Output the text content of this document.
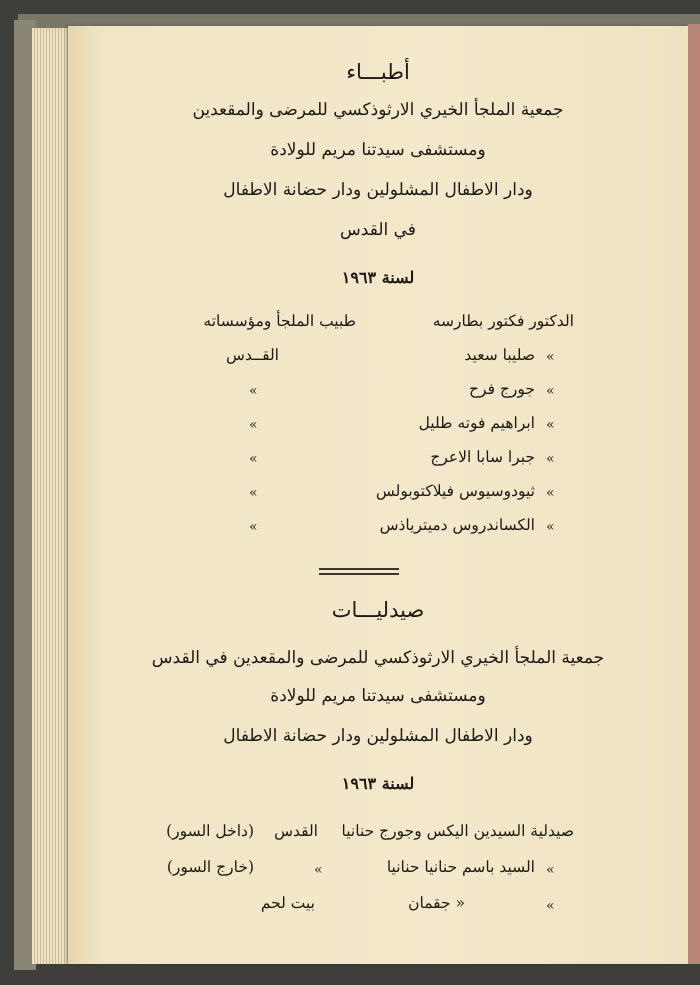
أطبـــاء
جمعية الملجأ الخيري الارثوذكسي للمرضى والمقعدين
ومستشفى سيدتنا مريم للولادة
ودار الاطفال المشلولين ودار حضانة الاطفال
في القدس
لسنة ١٩٦٣
الدكتور فكتور بطارسه
طبيب الملجأ ومؤسساته
«
صليبا سعيد
القــدس
«
جورج فرح
«
«
ابراهيم فوته طليل
«
«
جبرا سابا الاعرج
«
«
ثيودوسيوس فيلاكتوبولس
«
«
الكساندروس دميترياذس
«
صيدليـــات
جمعية الملجأ الخيري الارثوذكسي للمرضى والمقعدين في القدس
ومستشفى سيدتنا مريم للولادة
ودار الاطفال المشلولين ودار حضانة الاطفال
لسنة ١٩٦٣
صيدلية السيدين اليكس وجورج حنانيا
القدس
(داخل السور)
«
السيد باسم حنانيا حنانيا
«
(خارج السور)
«
« جقمان
بيت لحم
